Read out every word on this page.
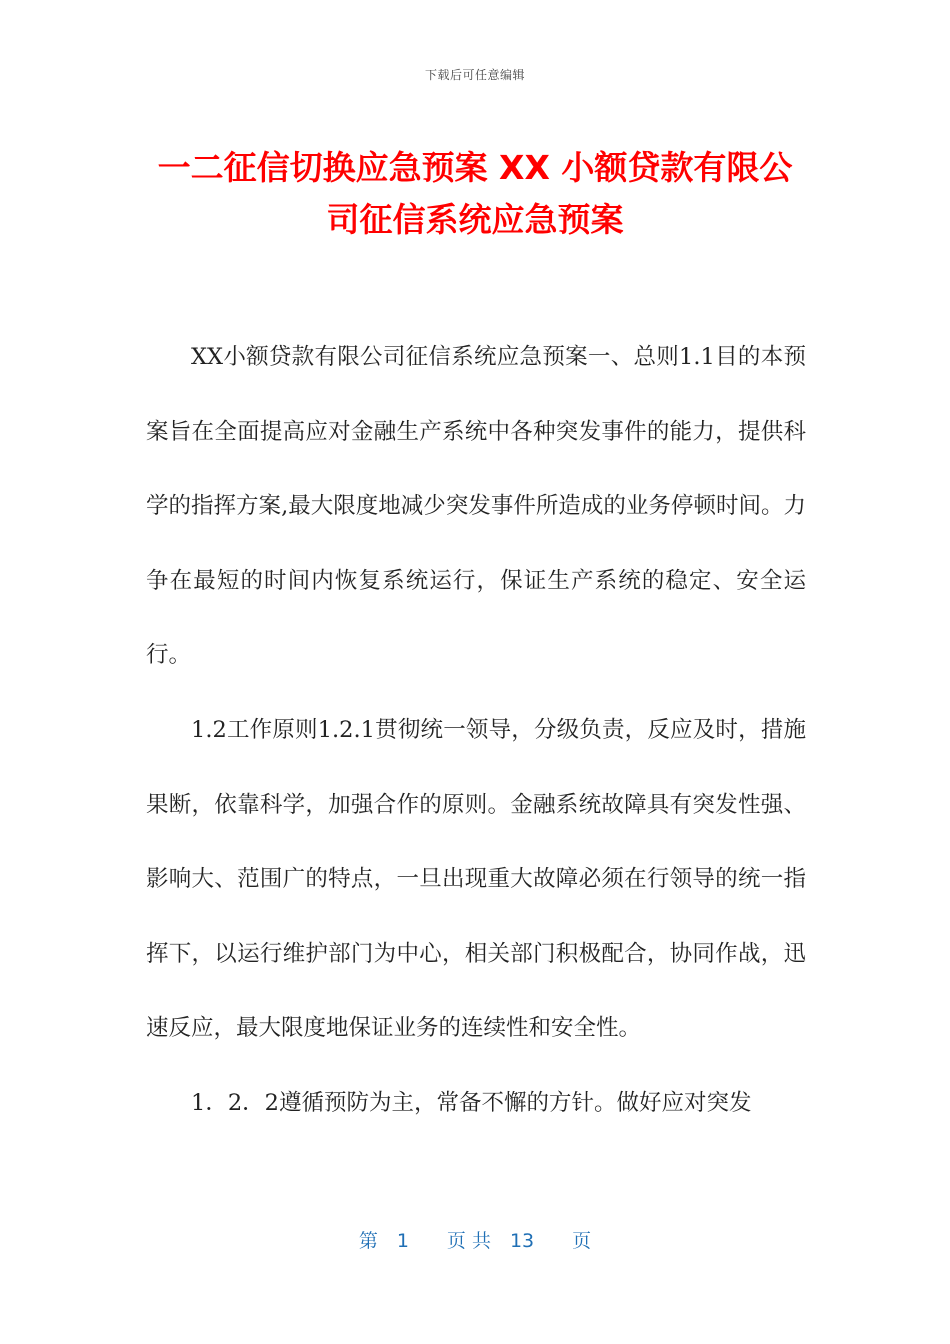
下载后可任意编辑
一二征信切换应急预案 XX 小额贷款有限公
司征信系统应急预案

XX小额贷款有限公司征信系统应急预案一、总则1.1目的本预案旨在全面提高应对金融生产系统中各种突发事件的能力，提供科学的指挥方案,最大限度地减少突发事件所造成的业务停顿时间。力争在最短的时间内恢复系统运行，保证生产系统的稳定、安全运行。

1.2工作原则1.2.1贯彻统一领导，分级负责，反应及时，措施果断，依靠科学，加强合作的原则。金融系统故障具有突发性强、影响大、范围广的特点，一旦出现重大故障必须在行领导的统一指挥下，以运行维护部门为中心，相关部门积极配合，协同作战，迅速反应，最大限度地保证业务的连续性和安全性。

1．2．2遵循预防为主，常备不懈的方针。做好应对突发

第　1　　页 共　13　　页
